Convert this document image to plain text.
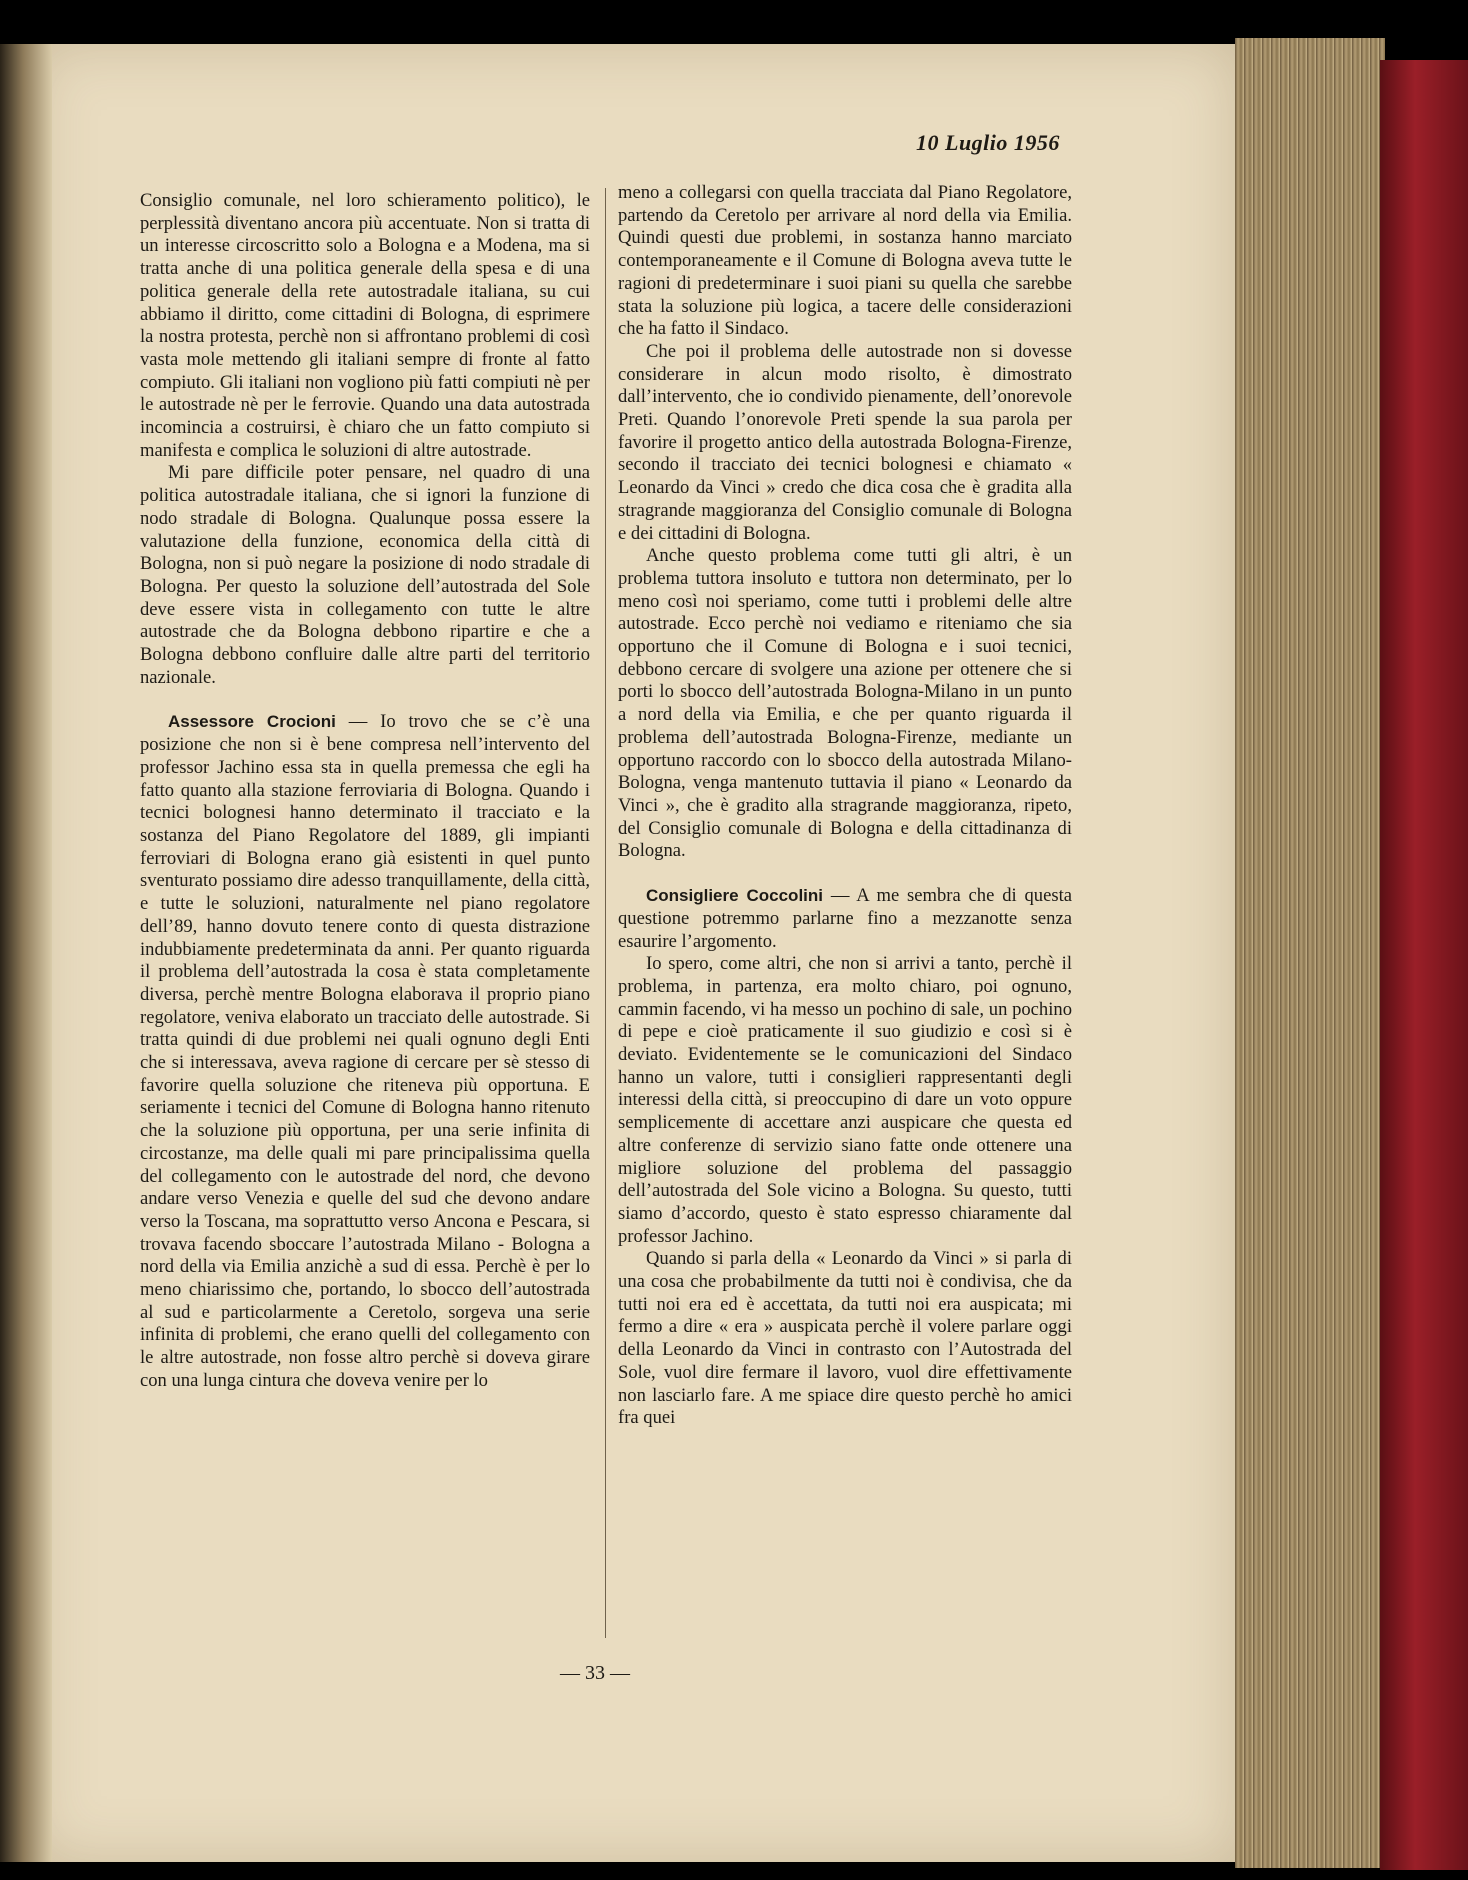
10 Luglio 1956

Consiglio comunale, nel loro schieramento politico), le perplessità diventano ancora più accentuate. Non si tratta di un interesse circoscritto solo a Bologna e a Modena, ma si tratta anche di una politica generale della spesa e di una politica generale della rete autostradale italiana, su cui abbiamo il diritto, come cittadini di Bologna, di esprimere la nostra protesta, perchè non si affrontano problemi di così vasta mole mettendo gli italiani sempre di fronte al fatto compiuto. Gli italiani non vogliono più fatti compiuti nè per le autostrade nè per le ferrovie. Quando una data autostrada incomincia a costruirsi, è chiaro che un fatto compiuto si manifesta e complica le soluzioni di altre autostrade.

Mi pare difficile poter pensare, nel quadro di una politica autostradale italiana, che si ignori la funzione di nodo stradale di Bologna. Qualunque possa essere la valutazione della funzione, economica della città di Bologna, non si può negare la posizione di nodo stradale di Bologna. Per questo la soluzione dell’autostrada del Sole deve essere vista in collegamento con tutte le altre autostrade che da Bologna debbono ripartire e che a Bologna debbono confluire dalle altre parti del territorio nazionale.

Assessore Crocioni — Io trovo che se c’è una posizione che non si è bene compresa nell’intervento del professor Jachino essa sta in quella premessa che egli ha fatto quanto alla stazione ferroviaria di Bologna. Quando i tecnici bolognesi hanno determinato il tracciato e la sostanza del Piano Regolatore del 1889, gli impianti ferroviari di Bologna erano già esistenti in quel punto sventurato possiamo dire adesso tranquillamente, della città, e tutte le soluzioni, naturalmente nel piano regolatore dell’89, hanno dovuto tenere conto di questa distrazione indubbiamente predeterminata da anni. Per quanto riguarda il problema dell’autostrada la cosa è stata completamente diversa, perchè mentre Bologna elaborava il proprio piano regolatore, veniva elaborato un tracciato delle autostrade. Si tratta quindi di due problemi nei quali ognuno degli Enti che si interessava, aveva ragione di cercare per sè stesso di favorire quella soluzione che riteneva più opportuna. E seriamente i tecnici del Comune di Bologna hanno ritenuto che la soluzione più opportuna, per una serie infinita di circostanze, ma delle quali mi pare principalissima quella del collegamento con le autostrade del nord, che devono andare verso Venezia e quelle del sud che devono andare verso la Toscana, ma soprattutto verso Ancona e Pescara, si trovava facendo sboccare l’autostrada Milano - Bologna a nord della via Emilia anzichè a sud di essa. Perchè è per lo meno chiarissimo che, portando, lo sbocco dell’autostrada al sud e particolarmente a Ceretolo, sorgeva una serie infinita di problemi, che erano quelli del collegamento con le altre autostrade, non fosse altro perchè si doveva girare con una lunga cintura che doveva venire per lo

meno a collegarsi con quella tracciata dal Piano Regolatore, partendo da Ceretolo per arrivare al nord della via Emilia. Quindi questi due problemi, in sostanza hanno marciato contemporaneamente e il Comune di Bologna aveva tutte le ragioni di predeterminare i suoi piani su quella che sarebbe stata la soluzione più logica, a tacere delle considerazioni che ha fatto il Sindaco.

Che poi il problema delle autostrade non si dovesse considerare in alcun modo risolto, è dimostrato dall’intervento, che io condivido pienamente, dell’onorevole Preti. Quando l’onorevole Preti spende la sua parola per favorire il progetto antico della autostrada Bologna-Firenze, secondo il tracciato dei tecnici bolognesi e chiamato « Leonardo da Vinci » credo che dica cosa che è gradita alla stragrande maggioranza del Consiglio comunale di Bologna e dei cittadini di Bologna.

Anche questo problema come tutti gli altri, è un problema tuttora insoluto e tuttora non determinato, per lo meno così noi speriamo, come tutti i problemi delle altre autostrade. Ecco perchè noi vediamo e riteniamo che sia opportuno che il Comune di Bologna e i suoi tecnici, debbono cercare di svolgere una azione per ottenere che si porti lo sbocco dell’autostrada Bologna-Milano in un punto a nord della via Emilia, e che per quanto riguarda il problema dell’autostrada Bologna-Firenze, mediante un opportuno raccordo con lo sbocco della autostrada Milano-Bologna, venga mantenuto tuttavia il piano « Leonardo da Vinci », che è gradito alla stragrande maggioranza, ripeto, del Consiglio comunale di Bologna e della cittadinanza di Bologna.

Consigliere Coccolini — A me sembra che di questa questione potremmo parlarne fino a mezzanotte senza esaurire l’argomento.

Io spero, come altri, che non si arrivi a tanto, perchè il problema, in partenza, era molto chiaro, poi ognuno, cammin facendo, vi ha messo un pochino di sale, un pochino di pepe e cioè praticamente il suo giudizio e così si è deviato. Evidentemente se le comunicazioni del Sindaco hanno un valore, tutti i consiglieri rappresentanti degli interessi della città, si preoccupino di dare un voto oppure semplicemente di accettare anzi auspicare che questa ed altre conferenze di servizio siano fatte onde ottenere una migliore soluzione del problema del passaggio dell’autostrada del Sole vicino a Bologna. Su questo, tutti siamo d’accordo, questo è stato espresso chiaramente dal professor Jachino.

Quando si parla della « Leonardo da Vinci » si parla di una cosa che probabilmente da tutti noi è condivisa, che da tutti noi era ed è accettata, da tutti noi era auspicata; mi fermo a dire « era » auspicata perchè il volere parlare oggi della Leonardo da Vinci in contrasto con l’Autostrada del Sole, vuol dire fermare il lavoro, vuol dire effettivamente non lasciarlo fare. A me spiace dire questo perchè ho amici fra quei

— 33 —
